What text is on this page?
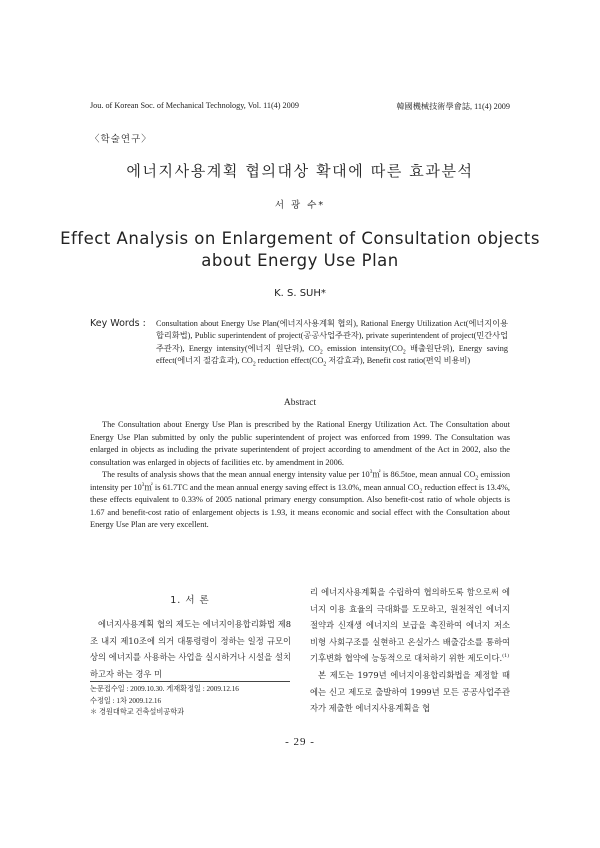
Jou. of Korean Soc. of Mechanical Technology, Vol. 11(4) 2009	韓國機械技術學會誌, 11(4) 2009
〈학술연구〉
에너지사용계획 협의대상 확대에 따른 효과분석
서 광 수*
Effect Analysis on Enlargement of Consultation objects
about Energy Use Plan
K. S. SUH*
Key Words : Consultation about Energy Use Plan(에너지사용계획 협의), Rational Energy Utilization Act(에너지이용합리화법), Public superintendent of project(공공사업주관자), private superintendent of project(민간사업주관자), Energy intensity(에너지 원단위), $CO_2$ emission $intensity(CO_2$ 배출원단위), Energy saving effect(에너지 절감효과), $CO_2$ reduction $effect(CO_2$ 저감효과), Benefit cost ratio(편익 비용비)
Abstract

The Consultation about Energy Use Plan is prescribed by the Rational Energy Utilization Act. The Consultation about Energy Use Plan submitted by only the public superintendent of project was enforced from 1999. The Consultation was enlarged in objects as including the private superintendent of project according to amendment of the Act in 2002, also the consultation was enlarged in objects of facilities etc. by amendment in 2006.

The results of analysis shows that the mean annual energy intensity value per $10^3㎡$ is 86.5toe, mean annual $CO_2$ emission intensity per $10^3㎡$ is 61.7TC and the mean annual energy saving effect is 13.0%, mean annual $CO_2$ reduction effect is 13.4%, these effects equivalent to 0.33% of 2005 national primary energy consumption. Also benefit-cost ratio of whole objects is 1.67 and benefit-cost ratio of enlargement objects is 1.93, it means economic and social effect with the Consultation about Energy Use Plan are very excellent.

1. 서 론

에너지사용계획 협의 제도는 에너지이용합리화법 제8조 내지 제10조에 의거 대통령령이 정하는 일정 규모이상의 에너지를 사용하는 사업을 실시하거나 시설을 설치하고자 하는 경우 미

리 에너지사용계획을 수립하여 협의하도록 함으로써 에너지 이용 효율의 극대화를 도모하고, 원천적인 에너지 절약과 신재생 에너지의 보급을 촉진하여 에너지 저소비형 사회구조를 실현하고 온실가스 배출감소를 통하여 기후변화 협약에 능동적으로 대처하기 위한 제도이다.$^{(1)}$

본 제도는 1979년 에너지이용합리화법을 제정할 때에는 신고 제도로 출발하여 1999년 모든 공공사업주관자가 제출한 에너지사용계획을 협

논문접수일 : 2009.10.30. 게재확정일 : 2009.12.16
수정일 : 1차 2009.12.16
＊ 경원대학교 건축설비공학과
- 29 -
